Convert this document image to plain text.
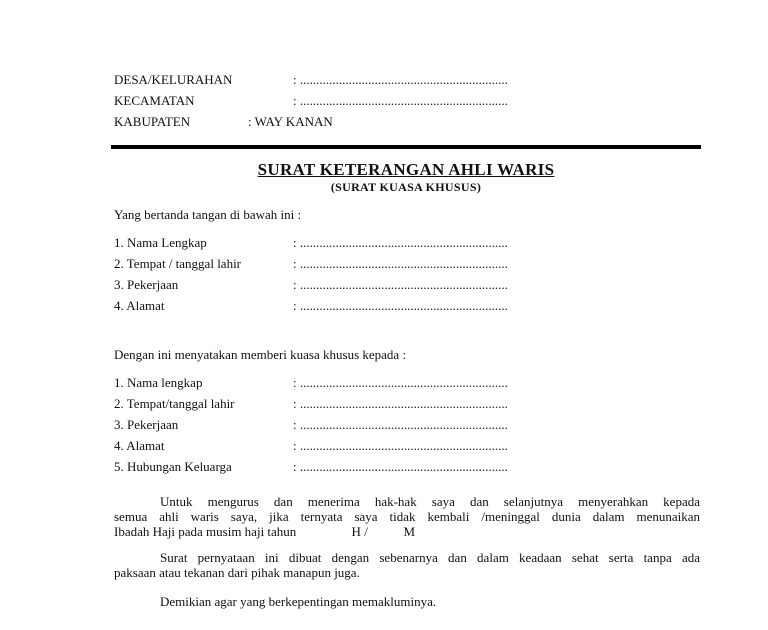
DESA/KELURAHAN	: ................................................................
KECAMATAN	: ................................................................
KABUPATEN	: WAY KANAN
SURAT KETERANGAN AHLI WARIS
(SURAT KUASA KHUSUS)
Yang bertanda tangan di bawah ini :
1. Nama Lengkap	: ................................................................
2. Tempat / tanggal lahir	: ................................................................
3. Pekerjaan	: ................................................................
4. Alamat	: ................................................................
Dengan ini menyatakan memberi kuasa khusus kepada :
1. Nama lengkap	: ................................................................
2. Tempat/tanggal lahir	: ................................................................
3. Pekerjaan	: ................................................................
4. Alamat	: ................................................................
5. Hubungan Keluarga	: ................................................................
Untuk mengurus dan menerima hak-hak saya dan selanjutnya menyerahkan kepada
semua ahli waris saya, jika ternyata saya tidak kembali /meninggal dunia dalam menunaikan
Ibadah Haji pada musim haji tahun                 H /           M
Surat pernyataan ini dibuat dengan sebenarnya dan dalam keadaan sehat serta tanpa ada
paksaan atau tekanan dari pihak manapun juga.
Demikian agar yang berkepentingan memakluminya.
